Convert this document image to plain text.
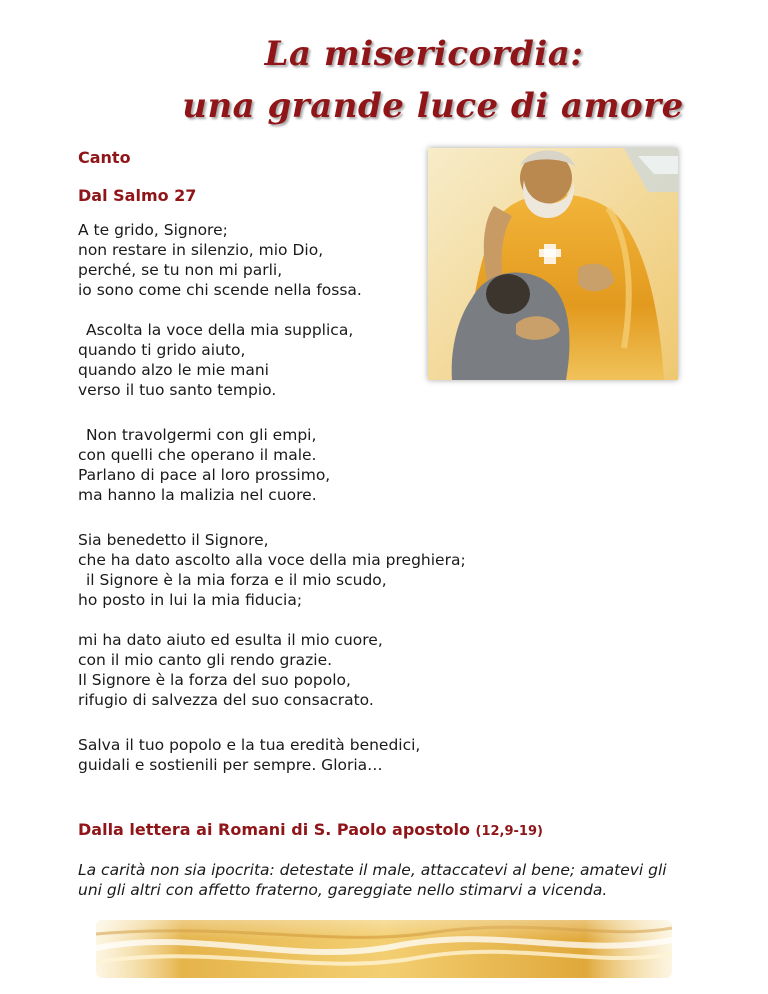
La misericordia:
una grande luce di amore
Canto
Dal Salmo 27

A te grido, Signore;
non restare in silenzio, mio Dio,
perché, se tu non mi parli,
io sono come chi scende nella fossa.

Ascolta la voce della mia supplica,
quando ti grido aiuto,
quando alzo le mie mani
verso il tuo santo tempio.

Non travolgermi con gli empi,
con quelli che operano il male.
Parlano di pace al loro prossimo,
ma hanno la malizia nel cuore.

Sia benedetto il Signore,
che ha dato ascolto alla voce della mia preghiera;
il Signore è la mia forza e il mio scudo,
ho posto in lui la mia fiducia;

mi ha dato aiuto ed esulta il mio cuore,
con il mio canto gli rendo grazie.
Il Signore è la forza del suo popolo,
rifugio di salvezza del suo consacrato.

Salva il tuo popolo e la tua eredità benedici,
guidali e sostienili per sempre. Gloria…

Dalla lettera ai Romani di S. Paolo apostolo (12,9-19)

La carità non sia ipocrita: detestate il male, attaccatevi al bene; amatevi gli
uni gli altri con affetto fraterno, gareggiate nello stimarvi a vicenda.
